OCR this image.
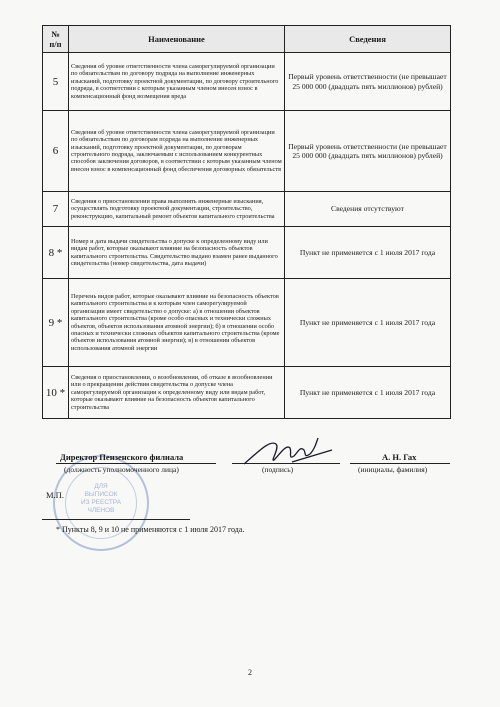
№
п/п	Наименование	Сведения
5	Сведения об уровне ответственности члена саморегулируемой организации по обязательствам по договору подряда на выполнение инженерных изысканий, подготовку проектной документации, по договору строительного подряда, в соответствии с которым указанным членом внесен взнос в компенсационный фонд возмещения вреда	Первый уровень ответственности (не превышает 25 000 000 (двадцать пять миллионов) рублей)
6	Сведения об уровне ответственности члена саморегулируемой организации по обязательствам по договорам подряда на выполнение инженерных изысканий, подготовку проектной документации, по договорам строительного подряда, заключаемым с использованием конкурентных способов заключения договоров, в соответствии с которым указанным членом внесен взнос в компенсационный фонд обеспечения договорных обязательств	Первый уровень ответственности (не превышает 25 000 000 (двадцать пять миллионов) рублей)
7	Сведения о приостановлении права выполнять инженерные изыскания, осуществлять подготовку проектной документации, строительство, реконструкцию, капитальный ремонт объектов капитального строительства	Сведения отсутствуют
8 *	Номер и дата выдачи свидетельства о допуске к определенному виду или видам работ, которые оказывают влияние на безопасность объектов капитального строительства. Свидетельство выдано взамен ранее выданного свидетельства (номер свидетельства, дата выдачи)	Пункт не применяется с 1 июля 2017 года
9 *	Перечень видов работ, которые оказывают влияние на безопасность объектов капитального строительства и к которым член саморегулируемой организации имеет свидетельство о допуске: а) в отношении объектов капитального строительства (кроме особо опасных и технически сложных объектов, объектов использования атомной энергии); б) в отношении особо опасных и технически сложных объектов капитального строительства (кроме объектов использования атомной энергии); в) в отношении объектов использования атомной энергии	Пункт не применяется с 1 июля 2017 года
10 *	Сведения о приостановлении, о возобновлении, об отказе в возобновлении или о прекращении действия свидетельства о допуске члена саморегулируемой организации к определенному виду или видам работ, которые оказывают влияние на безопасность объектов капитального строительства	Пункт не применяется с 1 июля 2017 года
ДЛЯ
ВЫПИСОК
ИЗ РЕЕСТРА
ЧЛЕНОВ
Директор Пензенского филиала
(должность уполномоченного лица)	(подпись)
А. Н. Гах
(инициалы, фамилия)
М.П.
* Пункты 8, 9 и 10 не применяются с 1 июля 2017 года.
2
